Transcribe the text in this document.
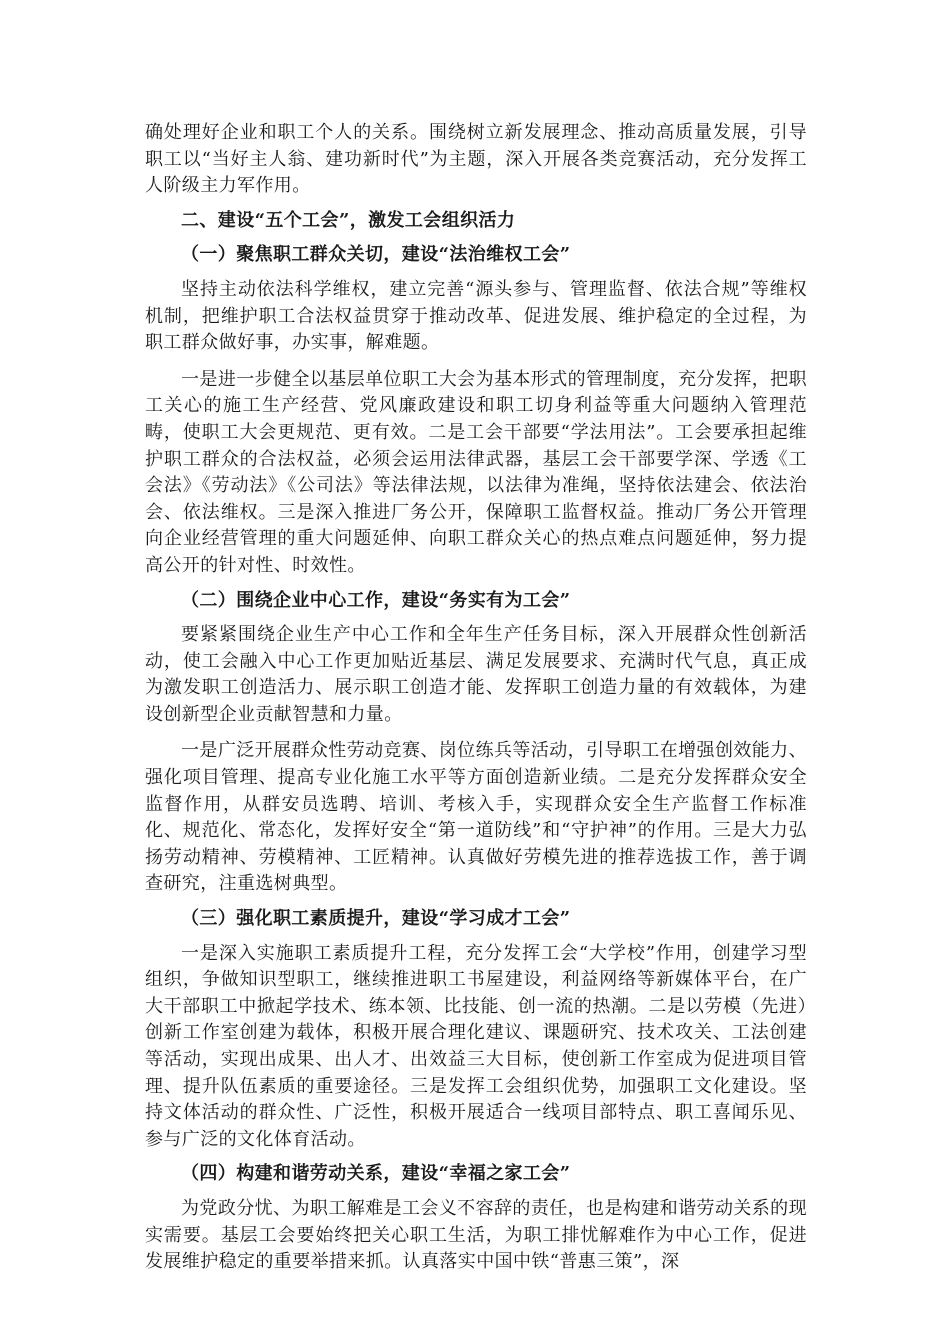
确处理好企业和职工个人的关系。围绕树立新发展理念、推动高质量发展，引导职工以“当好主人翁、建功新时代”为主题，深入开展各类竞赛活动，充分发挥工人阶级主力军作用。

二、建设“五个工会”，激发工会组织活力

（一）聚焦职工群众关切，建设“法治维权工会”

坚持主动依法科学维权，建立完善“源头参与、管理监督、依法合规”等维权机制，把维护职工合法权益贯穿于推动改革、促进发展、维护稳定的全过程，为职工群众做好事，办实事，解难题。

一是进一步健全以基层单位职工大会为基本形式的管理制度，充分发挥，把职工关心的施工生产经营、党风廉政建设和职工切身利益等重大问题纳入管理范畴，使职工大会更规范、更有效。二是工会干部要“学法用法”。工会要承担起维护职工群众的合法权益，必须会运用法律武器，基层工会干部要学深、学透《工会法》《劳动法》《公司法》等法律法规，以法律为准绳，坚持依法建会、依法治会、依法维权。三是深入推进厂务公开，保障职工监督权益。推动厂务公开管理向企业经营管理的重大问题延伸、向职工群众关心的热点难点问题延伸，努力提高公开的针对性、时效性。

（二）围绕企业中心工作，建设“务实有为工会”

要紧紧围绕企业生产中心工作和全年生产任务目标，深入开展群众性创新活动，使工会融入中心工作更加贴近基层、满足发展要求、充满时代气息，真正成为激发职工创造活力、展示职工创造才能、发挥职工创造力量的有效载体，为建设创新型企业贡献智慧和力量。

一是广泛开展群众性劳动竞赛、岗位练兵等活动，引导职工在增强创效能力、强化项目管理、提高专业化施工水平等方面创造新业绩。二是充分发挥群众安全监督作用，从群安员选聘、培训、考核入手，实现群众安全生产监督工作标准化、规范化、常态化，发挥好安全“第一道防线”和“守护神”的作用。三是大力弘扬劳动精神、劳模精神、工匠精神。认真做好劳模先进的推荐选拔工作，善于调查研究，注重选树典型。

（三）强化职工素质提升，建设“学习成才工会”

一是深入实施职工素质提升工程，充分发挥工会“大学校”作用，创建学习型组织，争做知识型职工，继续推进职工书屋建设，利益网络等新媒体平台，在广大干部职工中掀起学技术、练本领、比技能、创一流的热潮。二是以劳模（先进）创新工作室创建为载体，积极开展合理化建议、课题研究、技术攻关、工法创建等活动，实现出成果、出人才、出效益三大目标，使创新工作室成为促进项目管理、提升队伍素质的重要途径。三是发挥工会组织优势，加强职工文化建设。坚持文体活动的群众性、广泛性，积极开展适合一线项目部特点、职工喜闻乐见、参与广泛的文化体育活动。

（四）构建和谐劳动关系，建设“幸福之家工会”

为党政分忧、为职工解难是工会义不容辞的责任，也是构建和谐劳动关系的现实需要。基层工会要始终把关心职工生活，为职工排忧解难作为中心工作，促进发展维护稳定的重要举措来抓。认真落实中国中铁“普惠三策”，深
